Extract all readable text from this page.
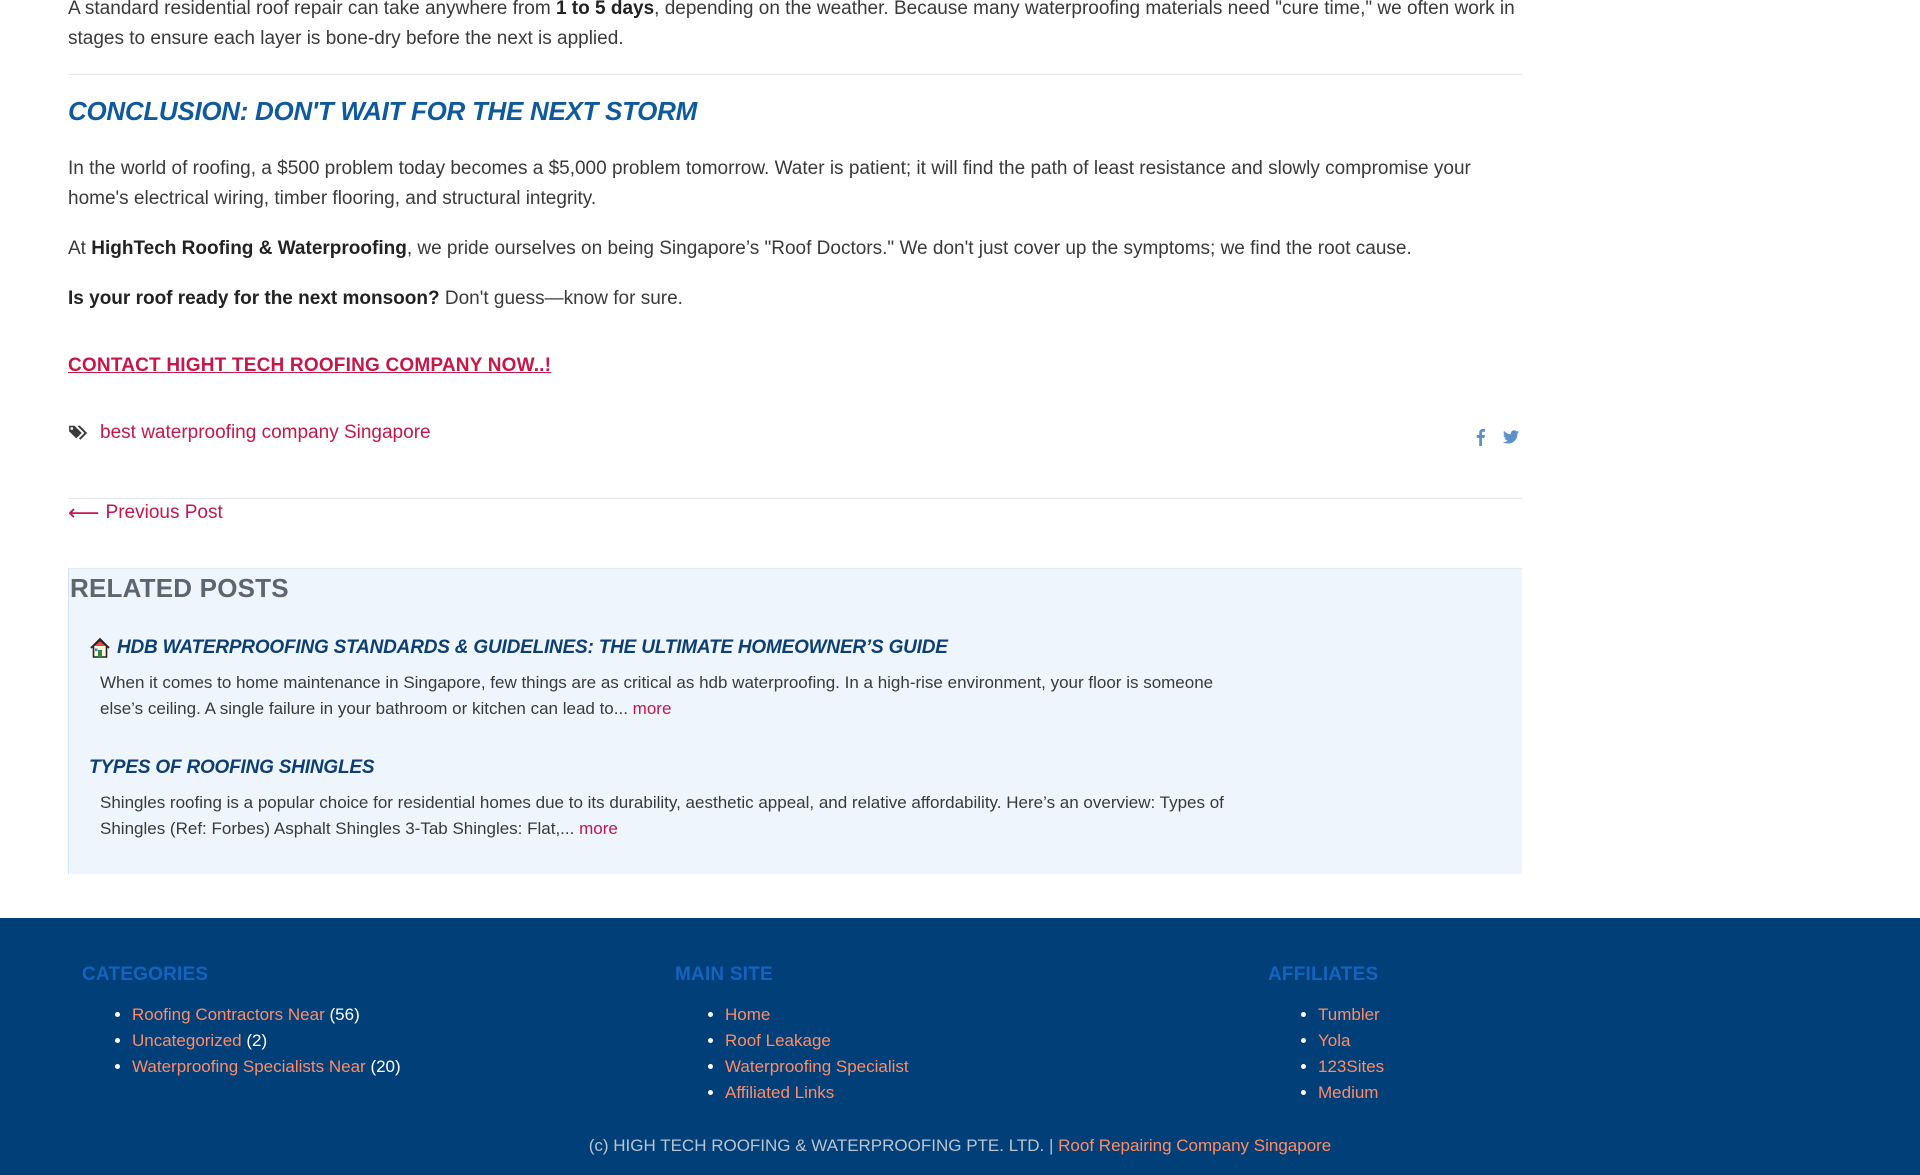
A standard residential roof repair can take anywhere from 1 to 5 days, depending on the weather. Because many waterproofing materials need "cure time," we often work in stages to ensure each layer is bone-dry before the next is applied.

CONCLUSION: DON'T WAIT FOR THE NEXT STORM

In the world of roofing, a $500 problem today becomes a $5,000 problem tomorrow. Water is patient; it will find the path of least resistance and slowly compromise your home's electrical wiring, timber flooring, and structural integrity.

At HighTech Roofing & Waterproofing, we pride ourselves on being Singapore’s "Roof Doctors." We don't just cover up the symptoms; we find the root cause.

Is your roof ready for the next monsoon? Don't guess—know for sure.

CONTACT HIGHT TECH ROOFING COMPANY NOW..!
best waterproofing company Singapore
⟵ Previous Post
RELATED POSTS
HDB WATERPROOFING STANDARDS & GUIDELINES: THE ULTIMATE HOMEOWNER’S GUIDE

When it comes to home maintenance in Singapore, few things are as critical as hdb waterproofing. In a high-rise environment, your floor is someone else’s ceiling. A single failure in your bathroom or kitchen can lead to... more

TYPES OF ROOFING SHINGLES

Shingles roofing is a popular choice for residential homes due to its durability, aesthetic appeal, and relative affordability. Here’s an overview: Types of Shingles (Ref: Forbes) Asphalt Shingles 3-Tab Shingles: Flat,... more

CATEGORIES
• Roofing Contractors Near (56)
• Uncategorized (2)
• Waterproofing Specialists Near (20)
MAIN SITE
• Home
• Roof Leakage
• Waterproofing Specialist
• Affiliated Links
AFFILIATES
• Tumbler
• Yola
• 123Sites
• Medium
(c) HIGH TECH ROOFING & WATERPROOFING PTE. LTD. | Roof Repairing Company Singapore
